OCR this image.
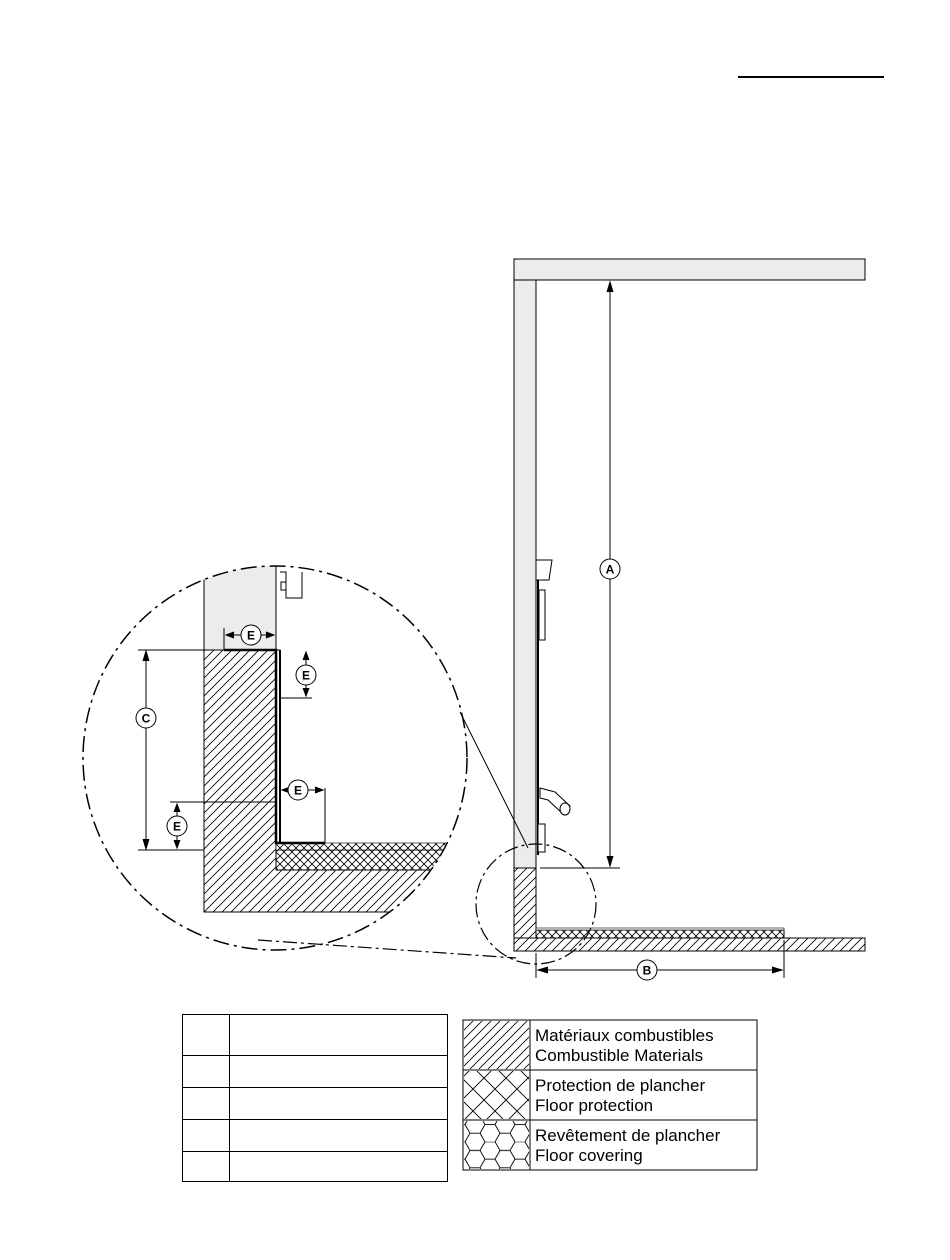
A
B
C
E
E
E
E
Matériaux combustibles
Combustible Materials
Protection de plancher
Floor protection
Revêtement de plancher
Floor covering
